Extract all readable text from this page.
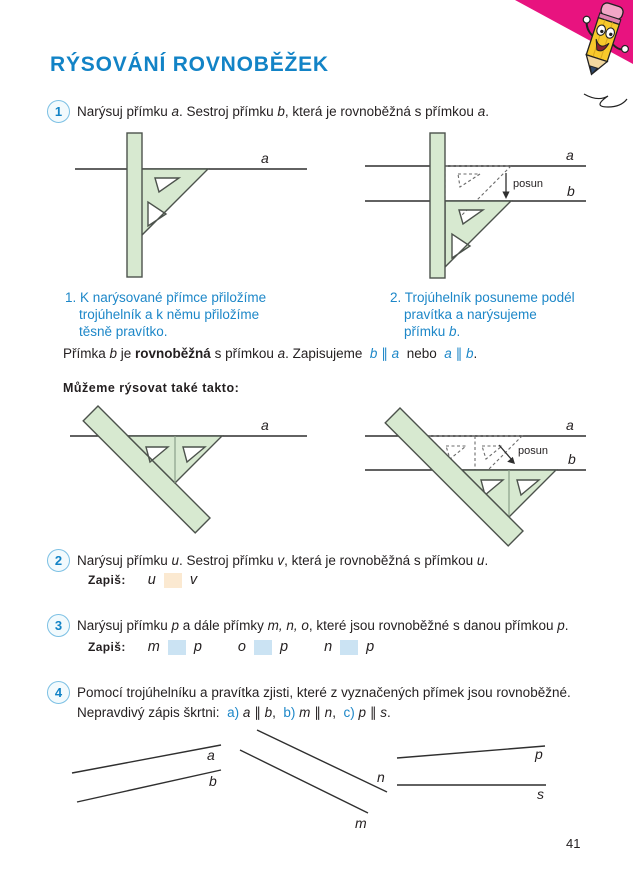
RÝSOVÁNÍ ROVNOBĚŽEK
1	Narýsuj přímku a. Sestroj přímku b, která je rovnoběžná s přímkou a.
a	a
b
posun
1. K narýsované přímce přiložíme
trojúhelník a k němu přiložíme
těsně pravítko.
2. Trojúhelník posuneme podél
pravítka a narýsujeme
přímku b.
Přímka b je rovnoběžná s přímkou a. Zapisujeme  b ∥ a  nebo  a ∥ b.
Můžeme rýsovat také takto:
a	a
b
posun
2	Narýsuj přímku u. Sestroj přímku v, která je rovnoběžná s přímkou u.
Zapiš: u v
3	Narýsuj přímku p a dále přímky m, n, o, které jsou rovnoběžné s danou přímkou p.
Zapiš: m p o p n p
4	Pomocí trojúhelníku a pravítka zjisti, které z vyznačených přímek jsou rovnoběžné.
Nepravdivý zápis škrtni:  a) a ∥ b,  b) m ∥ n,  c) p ∥ s.
a
b	n
m
p
s
41
